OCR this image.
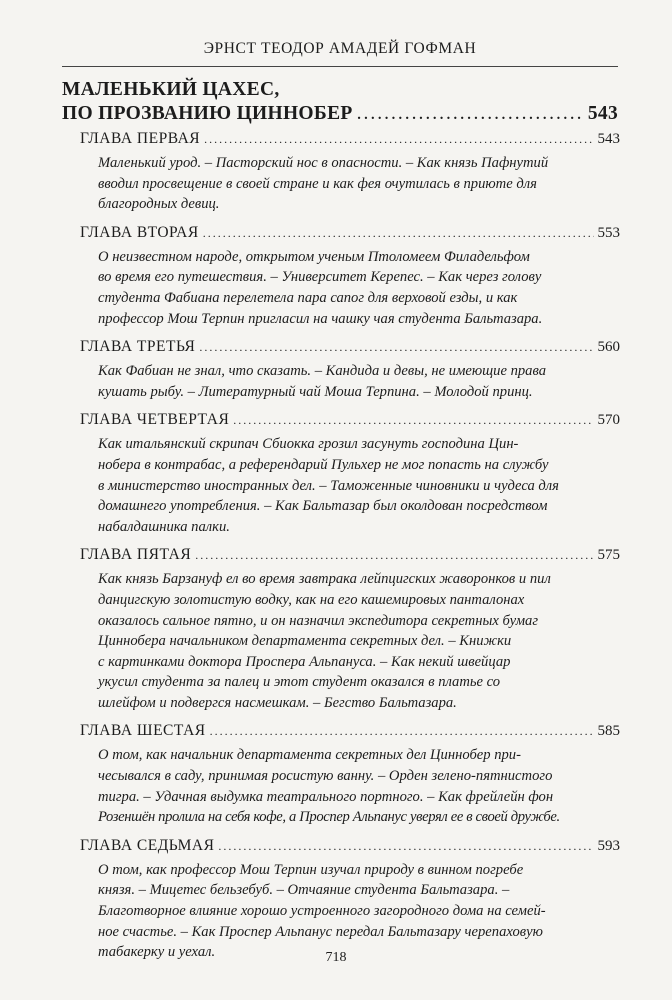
ЭРНСТ ТЕОДОР АМАДЕЙ ГОФМАН
МАЛЕНЬКИЙ ЦАХЕС,
ПО ПРОЗВАНИЮ ЦИННОБЕР .....	543
ГЛАВА ПЕРВАЯ .....	543
Маленький урод. – Пасторский нос в опасности. – Как князь Пафнутий
вводил просвещение в своей стране и как фея очутилась в приюте для
благородных девиц.
ГЛАВА ВТОРАЯ .....	553
О неизвестном народе, открытом ученым Птоломеем Филадельфом
во время его путешествия. – Университет Керепес. – Как через голову
студента Фабиана перелетела пара сапог для верховой езды, и как
профессор Мош Терпин пригласил на чашку чая студента Бальтазара.
ГЛАВА ТРЕТЬЯ .....	560
Как Фабиан не знал, что сказать. – Кандида и девы, не имеющие права
кушать рыбу. – Литературный чай Моша Терпина. – Молодой принц.
ГЛАВА ЧЕТВЕРТАЯ .....	570
Как итальянский скрипач Сбиокка грозил засунуть господина Цин-
нобера в контрабас, а референдарий Пульхер не мог попасть на службу
в министерство иностранных дел. – Таможенные чиновники и чудеса для
домашнего употребления. – Как Бальтазар был околдован посредством
набалдашника палки.
ГЛАВА ПЯТАЯ .....	575
Как князь Барзануф ел во время завтрака лейпцигских жаворонков и пил
данцигскую золотистую водку, как на его кашемировых панталонах
оказалось сальное пятно, и он назначил экспедитора секретных бумаг
Циннобера начальником департамента секретных дел. – Книжки
с картинками доктора Проспера Альпануса. – Как некий швейцар
укусил студента за палец и этот студент оказался в платье со
шлейфом и подвергся насмешкам. – Бегство Бальтазара.
ГЛАВА ШЕСТАЯ .....	585
О том, как начальник департамента секретных дел Циннобер при-
чесывался в саду, принимая росистую ванну. – Орден зелено-пятнистого
тигра. – Удачная выдумка театрального портного. – Как фрейлейн фон
Розеншён пролила на себя кофе, а Проспер Альпанус уверял ее в своей дружбе.
ГЛАВА СЕДЬМАЯ .....	593
О том, как профессор Мош Терпин изучал природу в винном погребе
князя. – Мицетес бельзебуб. – Отчаяние студента Бальтазара. –
Благотворное влияние хорошо устроенного загородного дома на семей-
ное счастье. – Как Проспер Альпанус передал Бальтазару черепаховую
табакерку и уехал.	718
